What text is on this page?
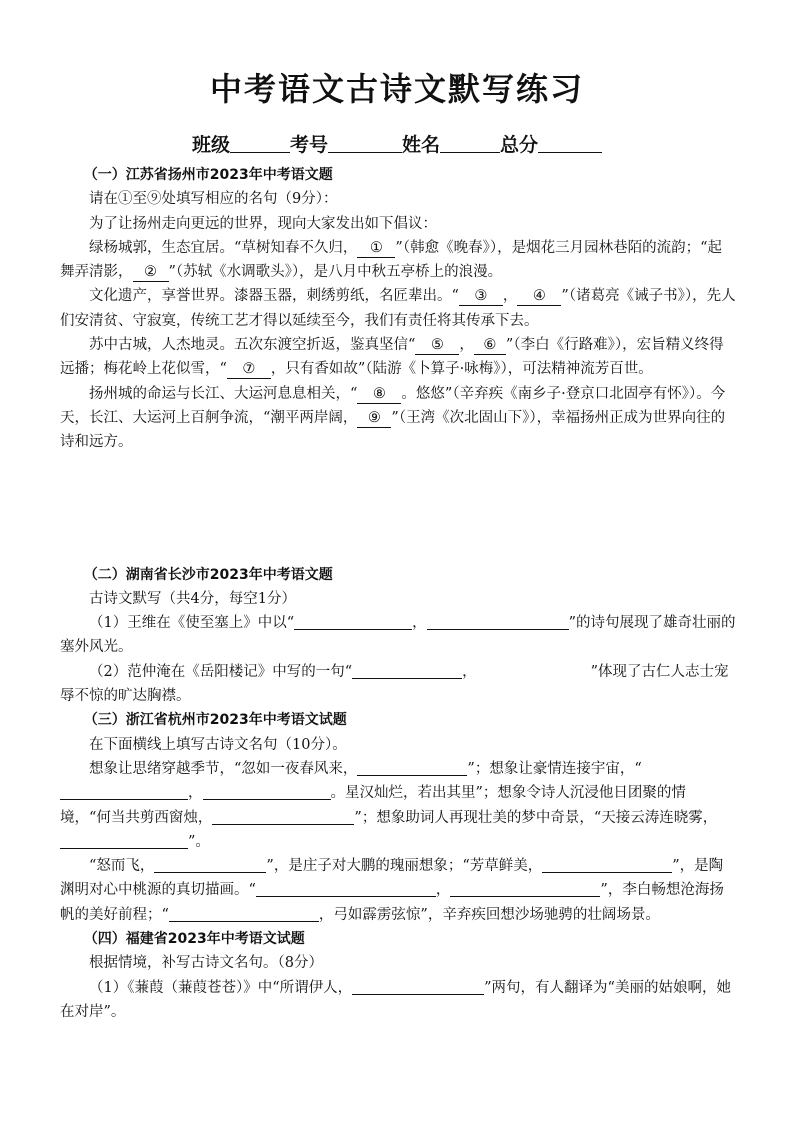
中考语文古诗文默写练习
班级	考号	姓名	总分

（一）江苏省扬州市2023年中考语文题

请在①至⑨处填写相应的名句（9分）：

为了让扬州走向更远的世界，现向大家发出如下倡议：

绿杨城郭，生态宜居。“草树知春不久归， ① ”（韩愈《晚春》），是烟花三月园林巷陌的流韵；“起舞弄清影， ② ”（苏轼《水调歌头》），是八月中秋五亭桥上的浪漫。

文化遗产，享誉世界。漆器玉器，刺绣剪纸，名匠辈出。“ ③ ， ④ ”（诸葛亮《诫子书》），先人们安清贫、守寂寞，传统工艺才得以延续至今，我们有责任将其传承下去。

苏中古城，人杰地灵。五次东渡空折返，鉴真坚信“ ⑤ ， ⑥ ”（李白《行路难》），宏旨精义终得远播；梅花岭上花似雪，“ ⑦ ，只有香如故”（陆游《卜算子·咏梅》），可法精神流芳百世。

扬州城的命运与长江、大运河息息相关，“ ⑧ 。悠悠”（辛弃疾《南乡子·登京口北固亭有怀》）。今天，长江、大运河上百舸争流，“潮平两岸阔， ⑨ ”（王湾《次北固山下》），幸福扬州正成为世界向往的诗和远方。

（二）湖南省长沙市2023年中考语文题

古诗文默写（共4分，每空1分）

（1）王维在《使至塞上》中以“	，	”的诗句展现了雄奇壮丽的塞外风光。

（2）范仲淹在《岳阳楼记》中写的一句“	，	”体现了古仁人志士宠辱不惊的旷达胸襟。

（三）浙江省杭州市2023年中考语文试题

在下面横线上填写古诗文名句（10分）。

想象让思绪穿越季节，“忽如一夜春风来，	”；想象让豪情连接宇宙，“，	。星汉灿烂，若出其里”；想象令诗人沉浸他日团聚的情境，“何当共剪西窗烛，	”；想象助词人再现壮美的梦中奇景，“天接云涛连晓雾，”。

“怒而飞，	”，是庄子对大鹏的瑰丽想象；“芳草鲜美，	”，是陶渊明对心中桃源的真切描画。“	，	”，李白畅想沧海扬帆的美好前程；“	，弓如霹雳弦惊”，辛弃疾回想沙场驰骋的壮阔场景。

（四）福建省2023年中考语文试题

根据情境，补写古诗文名句。（8分）

（1）《蒹葭（蒹葭苍苍）》中“所谓伊人，	”两句，有人翻译为“美丽的姑娘啊，她在对岸”。
